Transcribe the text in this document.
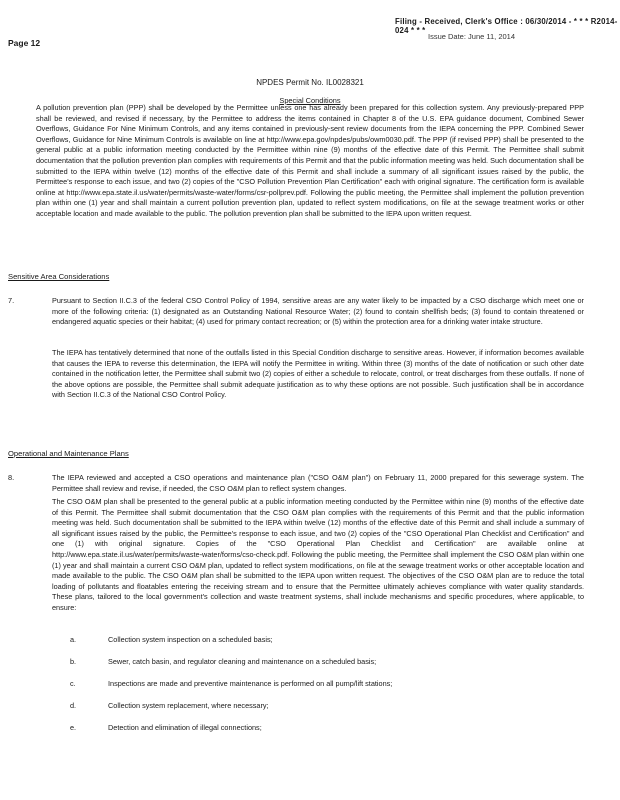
Page 12
Filing - Received, Clerk's Office : 06/30/2014 - * * * R2014-024 * * *
Issue Date: June 11, 2014
NPDES Permit No. IL0028321
Special Conditions

A pollution prevention plan (PPP) shall be developed by the Permittee unless one has already been prepared for this collection system. Any previously-prepared PPP shall be reviewed, and revised if necessary, by the Permittee to address the items contained in Chapter 8 of the U.S. EPA guidance document, Combined Sewer Overflows, Guidance For Nine Minimum Controls, and any items contained in previously-sent review documents from the IEPA concerning the PPP. Combined Sewer Overflows, Guidance for Nine Minimum Controls is available on line at http://www.epa.gov/npdes/pubs/owm0030.pdf. The PPP (if revised PPP) shall be presented to the general public at a public information meeting conducted by the Permittee within nine (9) months of the effective date of this Permit. The Permittee shall submit documentation that the pollution prevention plan complies with requirements of this Permit and that the public information meeting was held. Such documentation shall be submitted to the IEPA within twelve (12) months of the effective date of this Permit and shall include a summary of all significant issues raised by the public, the Permittee's response to each issue, and two (2) copies of the "CSO Pollution Prevention Plan Certification" each with original signature. The certification form is available online at http://www.epa.state.il.us/water/permits/waste-water/forms/csr-pollprev.pdf. Following the public meeting, the Permittee shall implement the pollution prevention plan within one (1) year and shall maintain a current pollution prevention plan, updated to reflect system modifications, on file at the sewage treatment works or other acceptable location and made available to the public. The pollution prevention plan shall be submitted to the IEPA upon written request.

Sensitive Area Considerations
7.	Pursuant to Section II.C.3 of the federal CSO Control Policy of 1994, sensitive areas are any water likely to be impacted by a CSO discharge which meet one or more of the following criteria: (1) designated as an Outstanding National Resource Water; (2) found to contain shellfish beds; (3) found to contain threatened or endangered aquatic species or their habitat; (4) used for primary contact recreation; or (5) within the protection area for a drinking water intake structure.

The IEPA has tentatively determined that none of the outfalls listed in this Special Condition discharge to sensitive areas. However, if information becomes available that causes the IEPA to reverse this determination, the IEPA will notify the Permittee in writing. Within three (3) months of the date of notification or such other date contained in the notification letter, the Permittee shall submit two (2) copies of either a schedule to relocate, control, or treat discharges from these outfalls. If none of the above options are possible, the Permittee shall submit adequate justification as to why these options are not possible. Such justification shall be in accordance with Section II.C.3 of the National CSO Control Policy.

Operational and Maintenance Plans
8.	The IEPA reviewed and accepted a CSO operations and maintenance plan ("CSO O&M plan") on February 11, 2000 prepared for this sewerage system. The Permittee shall review and revise, if needed, the CSO O&M plan to reflect system changes.

The CSO O&M plan shall be presented to the general public at a public information meeting conducted by the Permittee within nine (9) months of the effective date of this Permit. The Permittee shall submit documentation that the CSO O&M plan complies with the requirements of this Permit and that the public information meeting was held. Such documentation shall be submitted to the IEPA within twelve (12) months of the effective date of this Permit and shall include a summary of all significant issues raised by the public, the Permittee's response to each issue, and two (2) copies of the "CSO Operational Plan Checklist and Certification" and one (1) with original signature. Copies of the "CSO Operational Plan Checklist and Certification" are available online at http://www.epa.state.il.us/water/permits/waste-water/forms/cso-check.pdf. Following the public meeting, the Permittee shall implement the CSO O&M plan within one (1) year and shall maintain a current CSO O&M plan, updated to reflect system modifications, on file at the sewage treatment works or other acceptable location and made available to the public. The CSO O&M plan shall be submitted to the IEPA upon written request. The objectives of the CSO O&M plan are to reduce the total loading of pollutants and floatables entering the receiving stream and to ensure that the Permittee ultimately achieves compliance with water quality standards. These plans, tailored to the local government's collection and waste treatment systems, shall include mechanisms and specific procedures, where applicable, to ensure:

a.	Collection system inspection on a scheduled basis;
b.	Sewer, catch basin, and regulator cleaning and maintenance on a scheduled basis;
c.	Inspections are made and preventive maintenance is performed on all pump/lift stations;
d.	Collection system replacement, where necessary;
e.	Detection and elimination of illegal connections;
